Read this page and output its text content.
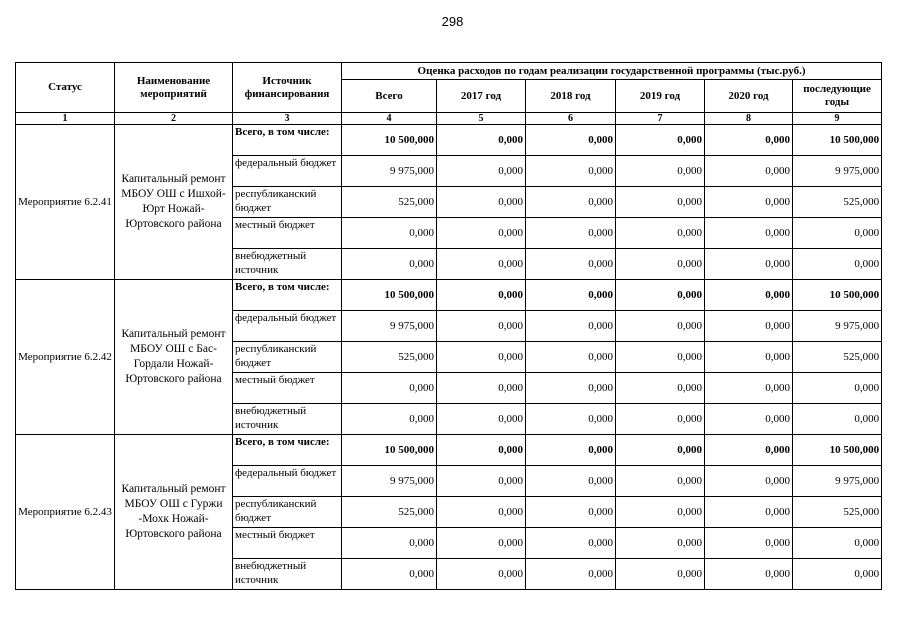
298
Статус	Наименование мероприятий	Источник финансирования	Оценка расходов по годам реализации государственной программы (тыс.руб.)					
			Всего	2017 год	2018 год	2019 год	2020 год	последующие годы
1	2	3	4	5	6	7	8	9
Мероприятие 6.2.41	Капитальный ремонт МБОУ ОШ с Ишхой-Юрт Ножай-Юртовского района	Всего, в том числе:	10 500,000	0,000	0,000	0,000	0,000	10 500,000
		федеральный бюджет	9 975,000	0,000	0,000	0,000	0,000	9 975,000
		республиканский бюджет	525,000	0,000	0,000	0,000	0,000	525,000
		местный бюджет	0,000	0,000	0,000	0,000	0,000	0,000
		внебюджетный источник	0,000	0,000	0,000	0,000	0,000	0,000
Мероприятие 6.2.42	Капитальный ремонт МБОУ ОШ с Бас-Гордали Ножай-Юртовского района	Всего, в том числе:	10 500,000	0,000	0,000	0,000	0,000	10 500,000
		федеральный бюджет	9 975,000	0,000	0,000	0,000	0,000	9 975,000
		республиканский бюджет	525,000	0,000	0,000	0,000	0,000	525,000
		местный бюджет	0,000	0,000	0,000	0,000	0,000	0,000
		внебюджетный источник	0,000	0,000	0,000	0,000	0,000	0,000
Мероприятие 6.2.43	Капитальный ремонт МБОУ ОШ с Гуржи -Мохк Ножай-Юртовского района	Всего, в том числе:	10 500,000	0,000	0,000	0,000	0,000	10 500,000
		федеральный бюджет	9 975,000	0,000	0,000	0,000	0,000	9 975,000
		республиканский бюджет	525,000	0,000	0,000	0,000	0,000	525,000
		местный бюджет	0,000	0,000	0,000	0,000	0,000	0,000
		внебюджетный источник	0,000	0,000	0,000	0,000	0,000	0,000
